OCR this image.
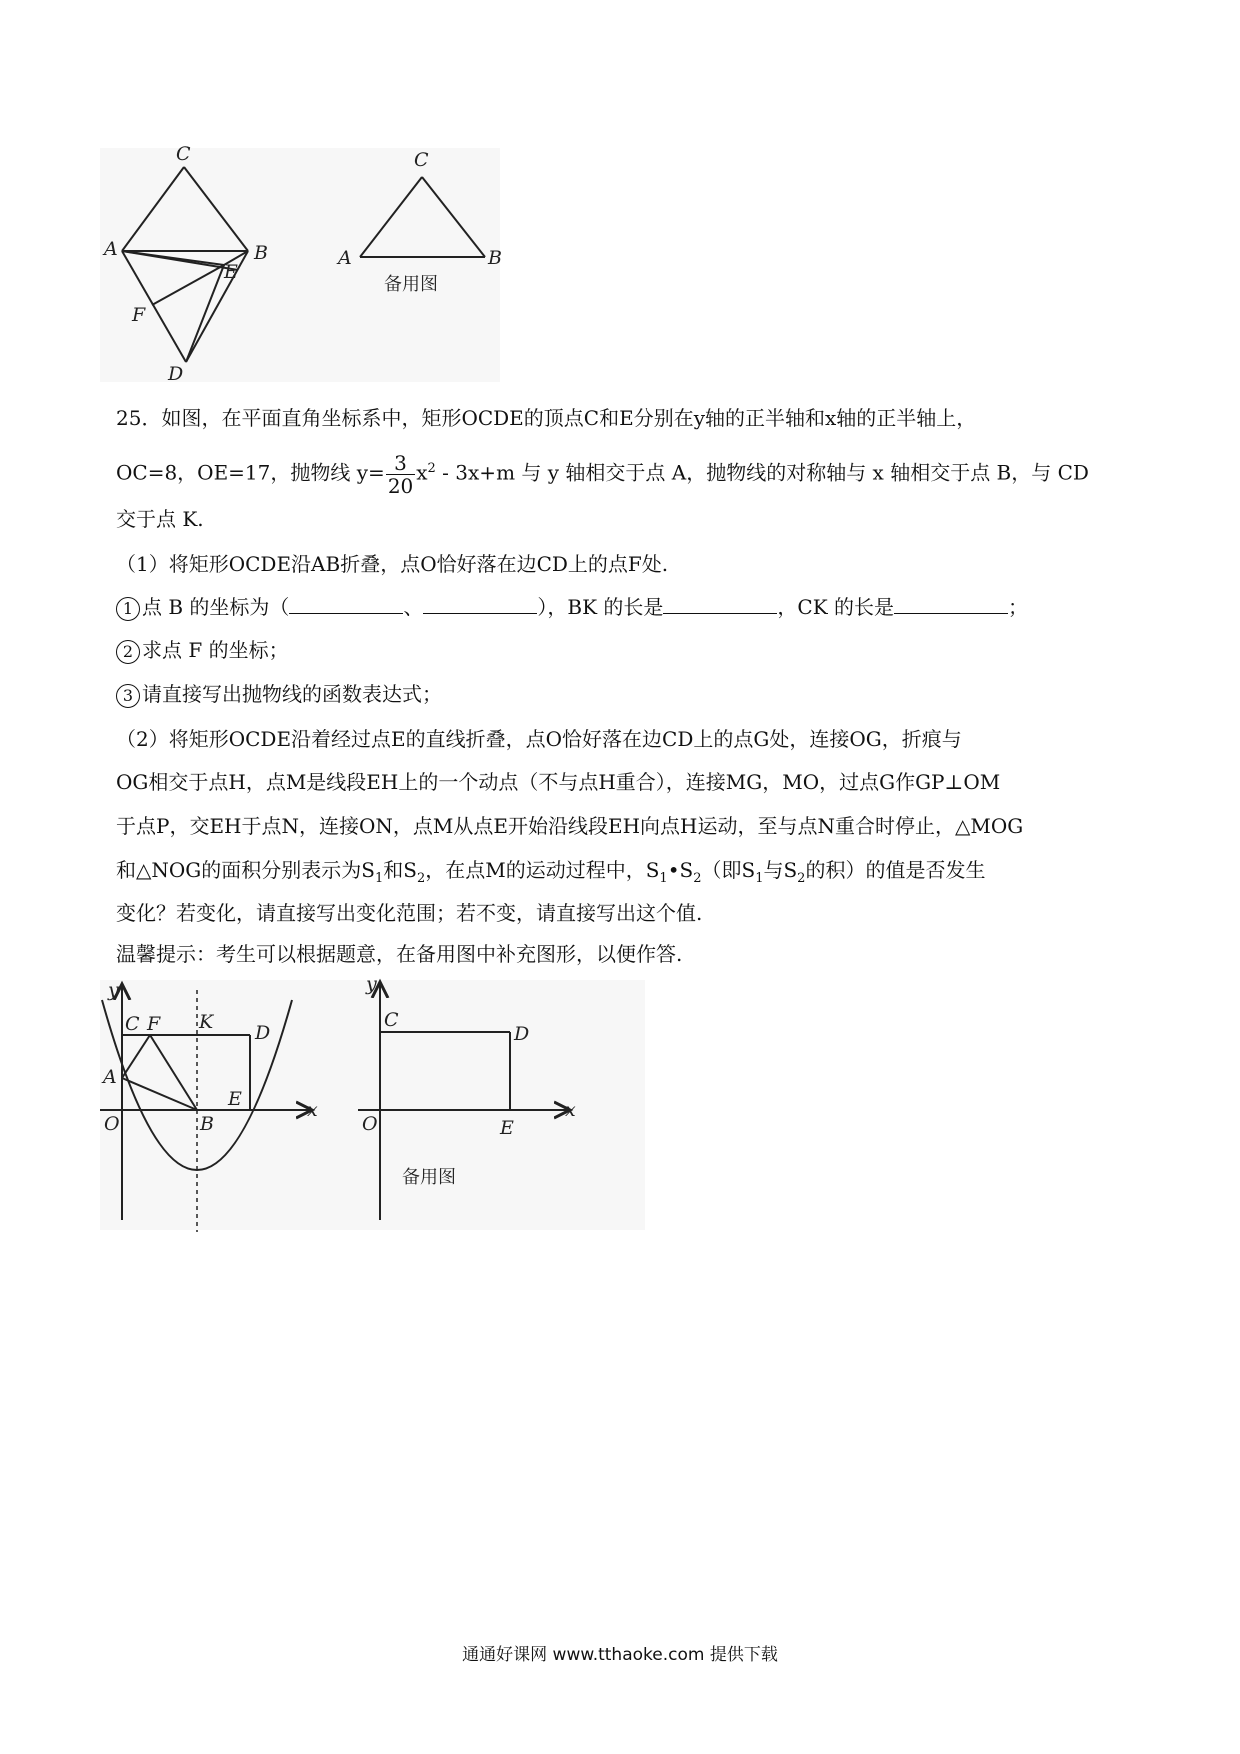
C
A	B
E
F
D
C
A	B
备用图
25．如图，在平面直角坐标系中，矩形OCDE的顶点C和E分别在y轴的正半轴和x轴的正半轴上，
OC=8，OE=17，抛物线 $y= \frac{3}{20} x^2 - 3x+m$ 与 y 轴相交于点 A，抛物线的对称轴与 x 轴相交于点 B，与 CD
交于点 K.
（1）将矩形OCDE沿AB折叠，点O恰好落在边CD上的点F处.
1 点 B 的坐标为（	、	），BK 的长是	，CK 的长是	；
2 求点 F 的坐标；
3 请直接写出抛物线的函数表达式；
（2）将矩形OCDE沿着经过点E的直线折叠，点O恰好落在边CD上的点G处，连接OG，折痕与
OG相交于点H，点M是线段EH上的一个动点（不与点H重合），连接MG，MO，过点G作GP⊥OM
于点P，交EH于点N，连接ON，点M从点E开始沿线段EH向点H运动，至与点N重合时停止，△MOG
和△NOG的面积分别表示为$S_1$和$S_2$，在点M的运动过程中，$S_1•S_2$（即$S_1$与$S_2$的积）的值是否发生
变化？若变化，请直接写出变化范围；若不变，请直接写出这个值.
温馨提示：考生可以根据题意，在备用图中补充图形，以便作答.
y
x
C F K D
A
E
O	B
y
x
C
D
O	E
备用图
通通好课网 www.tthaoke.com 提供下载
